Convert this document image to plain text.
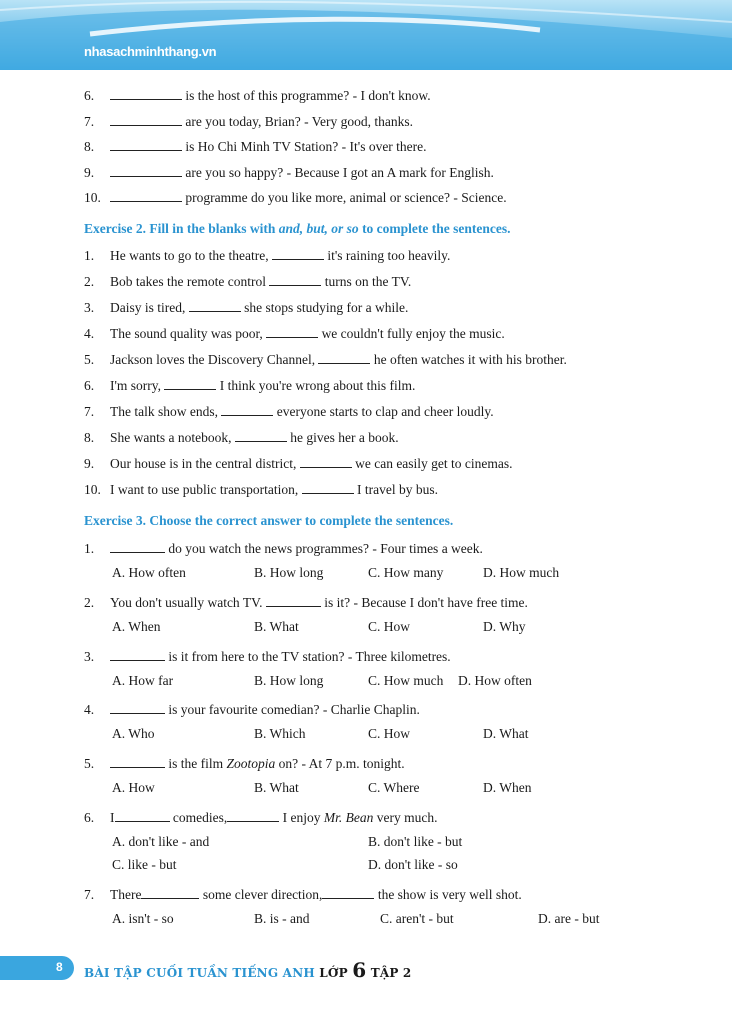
nhasachminhthang.vn
6.	is the host of this programme? - I don't know.
7.	are you today, Brian? - Very good, thanks.
8.	is Ho Chi Minh TV Station? - It's over there.
9.	are you so happy? - Because I got an A mark for English.
10.	programme do you like more, animal or science? - Science.
Exercise 2. Fill in the blanks with and, but, or so to complete the sentences.
1. He wants to go to the theatre,	it's raining too heavily.
2. Bob takes the remote control	turns on the TV.
3. Daisy is tired,	she stops studying for a while.
4. The sound quality was poor,	we couldn't fully enjoy the music.
5. Jackson loves the Discovery Channel,	he often watches it with his brother.
6. I'm sorry,	I think you're wrong about this film.
7. The talk show ends,	everyone starts to clap and cheer loudly.
8. She wants a notebook,	he gives her a book.
9. Our house is in the central district,	we can easily get to cinemas.
10. I want to use public transportation,	I travel by bus.
Exercise 3. Choose the correct answer to complete the sentences.
1.	do you watch the news programmes? - Four times a week.
A. How often	B. How long	C. How many	D. How much
2. You don't usually watch TV.	is it? - Because I don't have free time.
A. When	B. What	C. How	D. Why
3.	is it from here to the TV station? - Three kilometres.
A. How far	B. How long	C. How much D. How often
4.	is your favourite comedian? - Charlie Chaplin.
A. Who	B. Which	C. How	D. What
5.	is the film Zootopia on? - At 7 p.m. tonight.
A. How	B. What	C. Where	D. When
6. I	comedies,	I enjoy Mr. Bean very much.
A. don't like - and	B. don't like - but
C. like - but	D. don't like - so
7. There	some clever direction,	the show is very well shot.
A. isn't - so	B. is - and	C. aren't - but	D. are - but
8 BÀI TẬP CUỐI TUẦN TIẾNG ANH LỚP 6 TẬP 2
